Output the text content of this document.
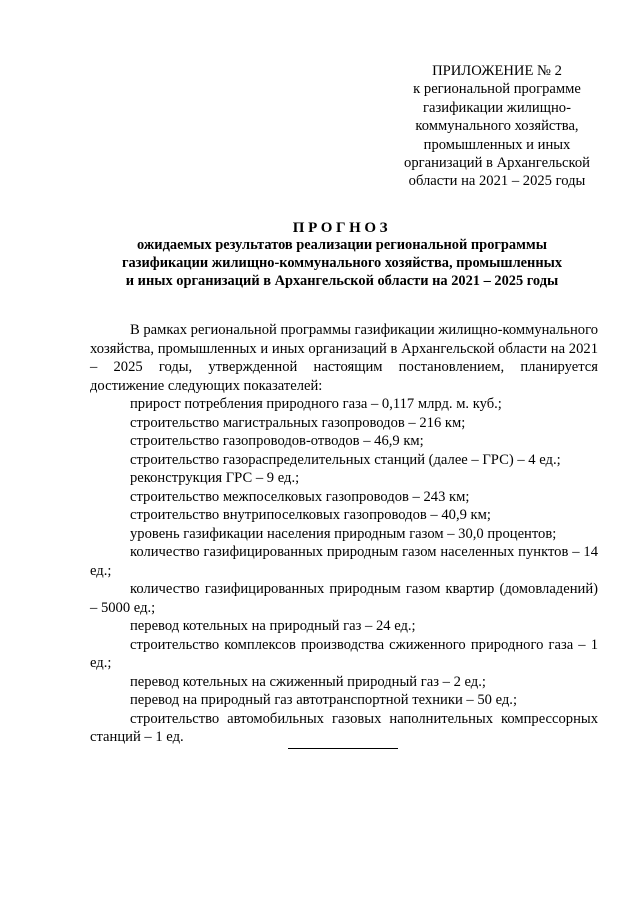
ПРИЛОЖЕНИЕ № 2
к региональной программе
газификации жилищно-
коммунального хозяйства,
промышленных и иных
организаций в Архангельской
области на 2021 – 2025 годы
ПРОГНОЗ
ожидаемых результатов реализации региональной программы
газификации жилищно-коммунального хозяйства, промышленных
и иных организаций в Архангельской области на 2021 – 2025 годы

В рамках региональной программы газификации жилищно-коммунального хозяйства, промышленных и иных организаций в Архангельской области на 2021 – 2025 годы, утвержденной настоящим постановлением, планируется достижение следующих показателей:

прирост потребления природного газа – 0,117 млрд. м. куб.;

строительство магистральных газопроводов – 216 км;

строительство газопроводов-отводов – 46,9 км;

строительство газораспределительных станций (далее – ГРС) – 4 ед.;

реконструкция ГРС – 9 ед.;

строительство межпоселковых газопроводов – 243 км;

строительство внутрипоселковых газопроводов – 40,9 км;

уровень газификации населения природным газом – 30,0 процентов;

количество газифицированных природным газом населенных пунктов – 14 ед.;

количество газифицированных природным газом квартир (домовладений) – 5000 ед.;

перевод котельных на природный газ – 24 ед.;

строительство комплексов производства сжиженного природного газа – 1 ед.;

перевод котельных на сжиженный природный газ – 2 ед.;

перевод на природный газ автотранспортной техники – 50 ед.;

строительство автомобильных газовых наполнительных компрессорных станций – 1 ед.
